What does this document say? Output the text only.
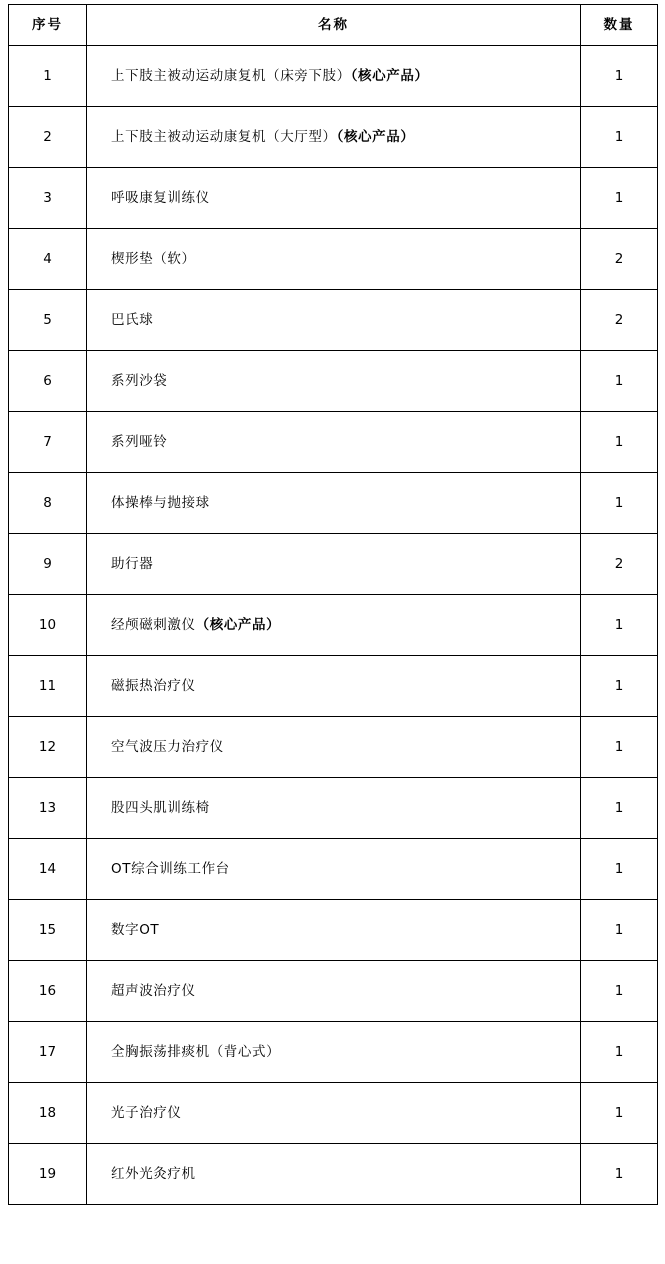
序号	名称	数量
1	上下肢主被动运动康复机（床旁下肢）（核心产品）	1
2	上下肢主被动运动康复机（大厅型）（核心产品）	1
3	呼吸康复训练仪	1
4	楔形垫（软）	2
5	巴氏球	2
6	系列沙袋	1
7	系列哑铃	1
8	体操棒与抛接球	1
9	助行器	2
10	经颅磁刺激仪（核心产品）	1
11	磁振热治疗仪	1
12	空气波压力治疗仪	1
13	股四头肌训练椅	1
14	OT综合训练工作台	1
15	数字OT	1
16	超声波治疗仪	1
17	全胸振荡排痰机（背心式）	1
18	光子治疗仪	1
19	红外光灸疗机	1
